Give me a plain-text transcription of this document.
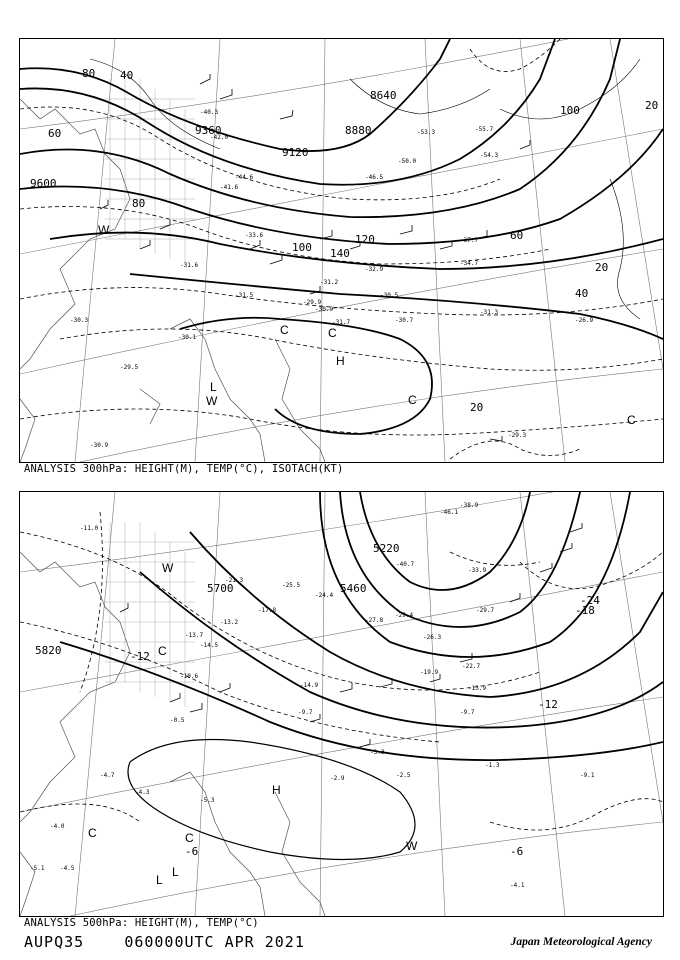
8640
8880
9120
9360
9600
40
60
80
100
120
140
20
20
20
40
60
80
100
H
L
W
C
C
C
W
C
-53.3	-55.7
-54.3
-50.0
-46.5
-40.3
-42.0
-44.6
-41.6
-37.7
-33.6
-34.7
-32.9
-31.6
-31.5
-31.2
-30.9
-30.5
-30.3	-30.7
-31.7
-31.3
-29.9
-29.5
-30.1
-26.9
-29.3
-30.9
ANALYSIS 300hPa: HEIGHT(M), TEMP(°C), ISOTACH(KT)
5220
5460
5700
5820	-12
-12
-18
-24
-6
-6
H
L
W
C
C
C
W
L
-46.1
-38.9
-33.9
-40.7
-29.7
-29.4
-26.3
-27.8
-22.7
-19.9
-13.9
-9.7
-11.0
-13.2
-17.8
-25.5
-24.4
-21.3
-14.9
-14.5
-10.6
-13.7
-9.7
-3.3
-2.5
-1.3
-9.1
-4.7
-4.3
-5.3
-2.9
-4.0
-5.1
-4.1
-0.5
-4.5
ANALYSIS 500hPa: HEIGHT(M), TEMP(°C)
AUPQ35	060000UTC APR 2021	Japan Meteorological Agency
